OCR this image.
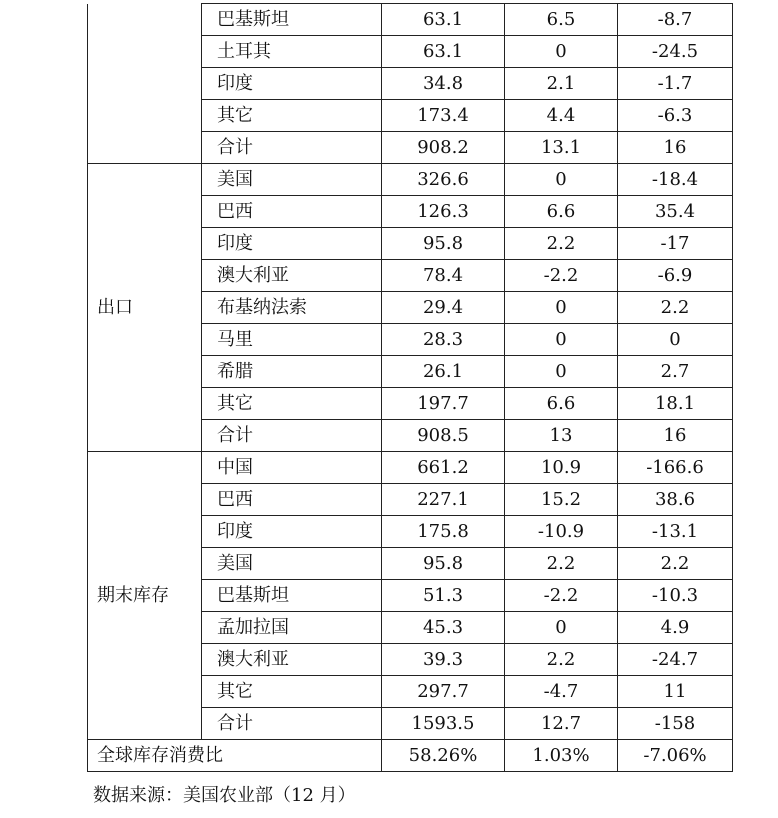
	巴基斯坦	63.1	6.5	-8.7
	土耳其	63.1	0	-24.5
	印度	34.8	2.1	-1.7
	其它	173.4	4.4	-6.3
	合计	908.2	13.1	16
出口	美国	326.6	0	-18.4
	巴西	126.3	6.6	35.4
	印度	95.8	2.2	-17
	澳大利亚	78.4	-2.2	-6.9
	布基纳法索	29.4	0	2.2
	马里	28.3	0	0
	希腊	26.1	0	2.7
	其它	197.7	6.6	18.1
	合计	908.5	13	16
期末库存	中国	661.2	10.9	-166.6
	巴西	227.1	15.2	38.6
	印度	175.8	-10.9	-13.1
	美国	95.8	2.2	2.2
	巴基斯坦	51.3	-2.2	-10.3
	孟加拉国	45.3	0	4.9
	澳大利亚	39.3	2.2	-24.7
	其它	297.7	-4.7	11
	合计	1593.5	12.7	-158
全球库存消费比		58.26%	1.03%	-7.06%
数据来源：美国农业部（12 月）
